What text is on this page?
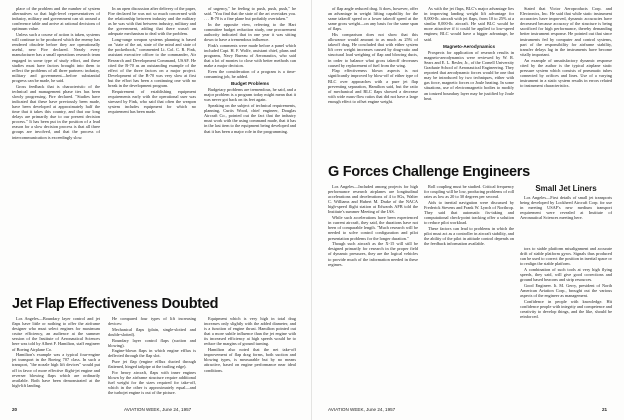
place of the problem and the number of system alternatives so that high-level representatives of industry, military and government can sit around a conference table and arrive at rational decisions of optimum value.

Unless such a course of action is taken, systems will continue to be produced which the enemy has rendered obsolete before they are operationally useful, new Fire declared. Nearly every manufacturer has a small operations research team engaged in some type of study effort, and these studies must have factors brought into them to reflect the problems of all three partners: industry, military and government—before substantial progress can be made, he said.

Gross feedback that is characteristic of the technical and management phase ties has been slowly progressing. Fire declared. "Studies have indicated that these have previously been made, have been developed at approximately half the time that it takes this country, and that our long delays are primarily due to our present decision process." It has been put in the position of a lead reason for a slow decision process is that all three groups are involved, and that the process of intercommunication is exceedingly slow.

In an open discussion after delivery of the paper, Fire declared he was not so much concerned with the relationship between industry and the military as he was with that between industry, military and the government, adding that there wasn't an adequate mechanism to deal with the problem.

Long-range weapon systems planning is based on "state of the art, state of the mind and state of the pocketbook," commented Lt. Col. C. R. Fink, assistant executive officer to the commander, Air Research and Development Command, USAF. He cited the B-70 as an outstanding example of the effect of the three factors on a major project. Development of the B-70 was very slow at first but the effort has been a continuing one with no break in the development program.

Requirement of establishing equipment requirements early with the operational user was stressed by Fink, who said that often the weapon system includes equipment for which no requirement has been made.

of urgency," he feeling to push, push, push," he said. "You find that the state of the art overtakes you. . . . B-70 is a fine plane but probably overtaken."

In the opposite view, referring to the Hart committee budget reduction study, one procurement authority indicated that in one year it was sitting down to have a tremendous influence.

Fink's comments were made before a panel which included Capt. H. F. Wolfe, assistant chief, plans and programs, Navy Bureau of Aeronautics, who said that a lot of monies to close with better methods can make a major decision.

Even the consideration of a program is a time-consuming job, he added.

Budget Problems

Budgetary problems are tremendous, he said, and a major problem is a program today might mean that it was never got back on its feet again.

Speaking on the subject of technical requirements, planning, Curtis Wood, chief engineer, Douglas Aircraft Co., pointed out the fact that the industry must work with the using command made, that it has in the last item to the equipment being developed and that it has been a major role in the programming.

Jet Flap Effectiveness Doubted

Los Angeles—Boundary layer control and jet flaps have little or nothing to offer the airframe designer who must select engines for maximum cruise efficiency, an audience at the summer session of the Institute of Aeronautical Sciences here was told by Albert F. Hamilton, staff engineer of Boeing Airplane Co.

Hamilton's example was a typical four-engine jet transport in the Boeing 707 class. In such a transport, "the nozzle high lift devices" would put off in favor of more effective flight-jet engine and reverser blowing flaps which are ordinarily available. Both have been demonstrated at the high-lift landing.

He compared four types of lift increasing devices:

Mechanical flaps (plain, single-slotted and double-slotted).

Boundary layer control flaps (suction and blowing).

Engine-blown flaps in which engine efflux is deflected through the flap slot.

Pure jet flap (engine efflux ducted through flattened, hinged tailpipe at the trailing edge).

For heavy aircraft, flaps with inner engines blown by the airframe structure require additional fuel weight for the sizes required for take-off, which in the other is approximately equal—and the turbojet engine is out of the picture.

Equipment which is very high in total drag increases only slightly with the added diameter, and is a function of engine thrust. Hamilton pointed out that a more subtle influence than the jet engine with its increased efficiency at high speeds would be to reduce the margins of ground turning.

Hamilton also noted that the net take-off improvement of flap drag forms, both suction and blowing types, is measurable but by no means attractive, based on engine performance near ideal conditions.

20	AVIATION WEEK, June 24, 1957

of flap angle reduced drag. It does, however, offer an advantage in weight lifting capability for the same takeoff speed or a lower takeoff speed at the same gross weight—on any basis for the same span of flaps.

His comparison does not show that this allowance would amount to as much as 25% of takeoff drag. He concluded that with either system lift over weight increases caused by drag-ratio and structural load weighing of flap and blowing ducts, in order to balance what gross takeoff decreases caused by replacement of fuel from the wing.

Flap effectiveness blown aspects is not significantly improved by blow-off of either type of BLC over approaches with a pure jet flap preventing separation, Hamilton said, but the ratio of mechanical and BLC flaps showed a decrease with wide mass-flow ratios that did not have a large enough effect to offset engine weight.

As with the jet flaps, BLC's major advantage lies in improving landing weight lift advantage for 8,000-lb. aircraft with jet flaps, from 10 to 25% at a similar 8,000-lb. aircraft. He said BLC would be more attractive if it could be applied to low-speed engines; BLC would have a bigger advantage, he said.

Magneto-Aerodynamics

Prospects for application of research results in magneto-aerodynamics were reviewed by W. R. Sears and E. L. Resler, Jr., of the Cornell University Graduate School of Aeronautical Engineering. They reported that aerodynamic forces would be one that may be introduced by two techniques, either with gas force, magnetic forces or Joule heating. In some situations, use of electromagnetic bodies to modify an ionized boundary layer may be justified by Joule heat.

Stated that Victor Aeroproducts Corp. and Electronics, Inc. He said that while static instrument accuracies have improved, dynamic accuracies have decreased because accuracy of the structure is being sacrificed for high performance, thereby demanding better instrument response. He pointed out that since instruments fed by computer and control systems, part of the responsibility for airframe stability, transfer delays lag in the instruments have become vitally important.

An example of unsatisfactory dynamic response cited by the author is the typical airplane static pressure system which consists of pneumatic tubes connected by orifices and lines. Use of a varying instrument in a static system results in errors related to instrument characteristics.

G Forces Challenge Engineers

Los Angeles—Included among projects for high performance research airplanes are longitudinal accelerations and decelerations of 4 to 8Gs, Walter C. Williams and Hubert M. Drake of the NACA high-speed flight station at Edwards AFB told the Institute's summer Meeting of the IAS.

While such accelerations have been experienced in current aircraft, they said, the durations have not been of comparable length. "Much research will be needed to solve control configuration and pilot presentation problems for the longer duration."

Though such aircraft as the X-15 will still be designed primarily for research in the proper field of dynamic pressures, they are the logical vehicles to provide much of the information needed in these regimes.

Roll coupling must be studied. Critical frequency for coupling will be low, producing problems of roll rates as low as 20 to 30 degrees per second.

Aids to inertial navigation were discussed by Frederick Stevens and Frank W. Lynch of Northrop. They said that automatic fix-taking and computational check-point tracking offer a solution to reduce pilot workload.

These factors can lead to problems in which the pilot must act as a controller in aircraft stability, and the ability of the pilot in attitude control depends on the feedback information available.

Small Jet Liners

Los Angeles—First details of small jet transports being developed by Lockheed Aircraft Corp. for use in meeting USAF's new medium transport requirement were revealed at Institute of Aeronautical Sciences meeting here.

tors to stable platform misalignment and accurate drift of stable platform gyros. Signals thus produced can be used to correct the position in inertial space or to realign the stable platform.

A combination of such tools at very high flying speeds, they said, will give good corrections and ground based beacons and strip resources.

Good Engineer. It. M. Gerry, president of North American Aviation Corp., brought out the various aspects of the engineer as management.

Confidence in people with knowledge. Hit confidence people with integrity and competence and creativity to develop things, and the like, should be reinforced.

AVIATION WEEK, June 24, 1957	21
